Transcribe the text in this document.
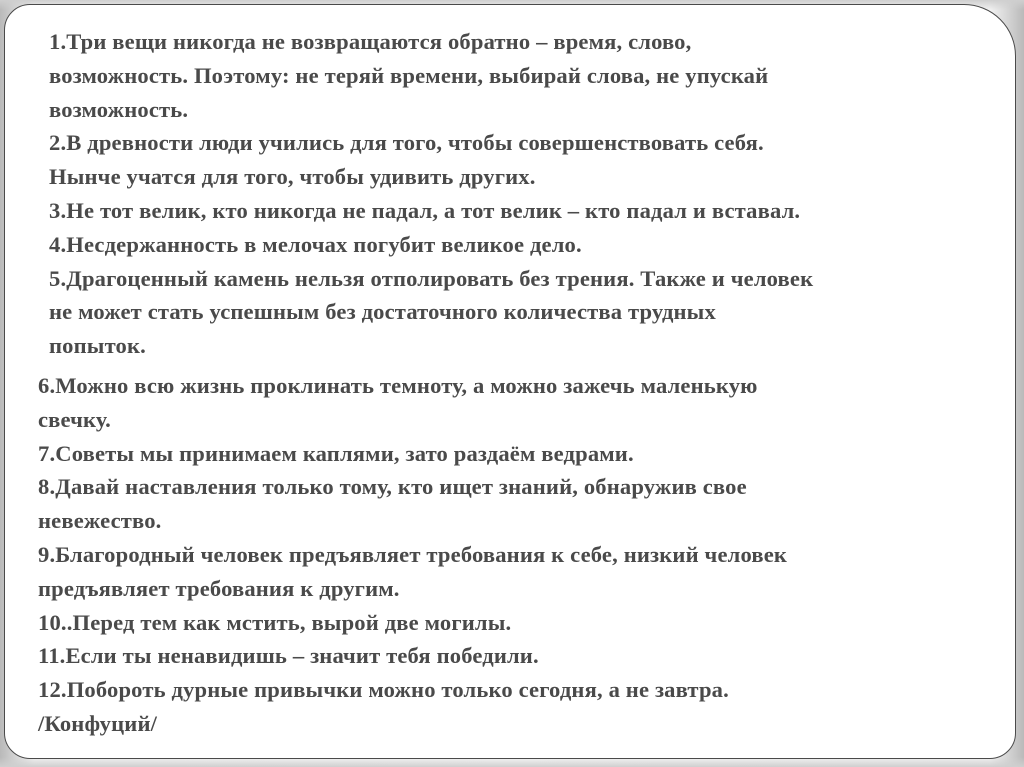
1.Три вещи никогда не возвращаются обратно – время, слово,
возможность. Поэтому: не теряй времени, выбирай слова, не упускай
возможность.
2.В древности люди учились для того, чтобы совершенствовать себя.
Нынче учатся для того, чтобы удивить других.
3.Не тот велик, кто никогда не падал, а тот велик – кто падал и вставал.
4.Несдержанность в мелочах погубит великое дело.
5.Драгоценный камень нельзя отполировать без трения. Также и человек
не может стать успешным без достаточного количества трудных
попыток.
6.Можно всю жизнь проклинать темноту, а можно зажечь маленькую
свечку.
7.Советы мы принимаем каплями, зато раздаём ведрами.
8.Давай наставления только тому, кто ищет знаний, обнаружив свое
невежество.
9.Благородный человек предъявляет требования к себе, низкий человек
предъявляет требования к другим.
10..Перед тем как мстить, вырой две могилы.
11.Если ты ненавидишь – значит тебя победили.
12.Побороть дурные привычки можно только сегодня, а не завтра.
/Конфуций/
